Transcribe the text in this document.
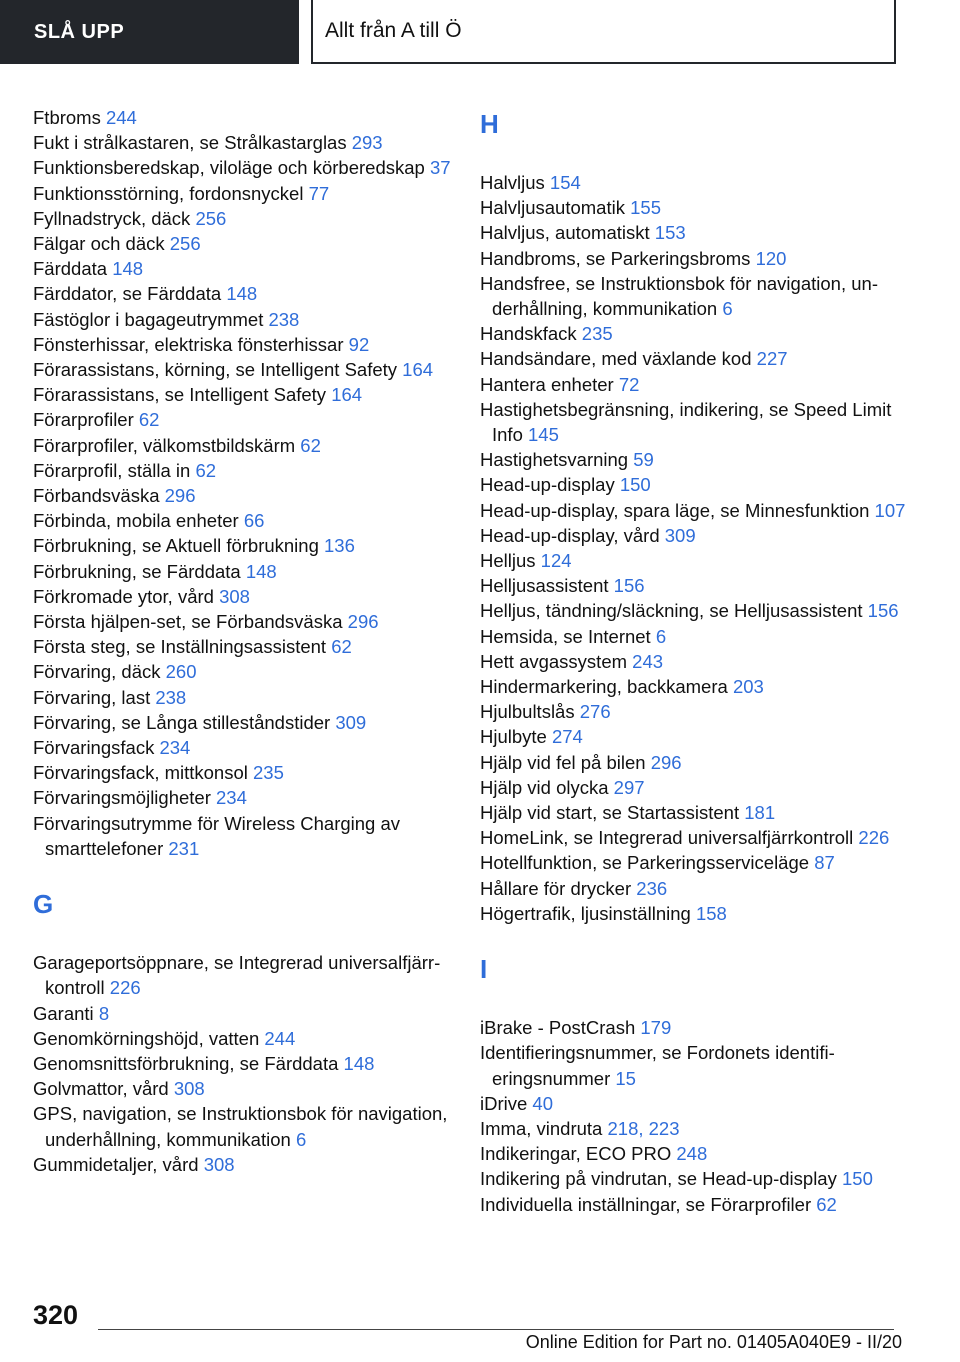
SLÅ UPP	Allt från A till Ö
Ftbroms 244
Fukt i strålkastaren, se Strålkastarglas 293
Funktionsberedskap, viloläge och körberedskap 37
Funktionsstörning, fordonsnyckel 77
Fyllnadstryck, däck 256
Fälgar och däck 256
Färddata 148
Färddator, se Färddata 148
Fästöglor i bagageutrymmet 238
Fönsterhissar, elektriska fönsterhissar 92
Förarassistans, körning, se Intelligent Safety 164
Förarassistans, se Intelligent Safety 164
Förarprofiler 62
Förarprofiler, välkomstbildskärm 62
Förarprofil, ställa in 62
Förbandsväska 296
Förbinda, mobila enheter 66
Förbrukning, se Aktuell förbrukning 136
Förbrukning, se Färddata 148
Förkromade ytor, vård 308
Första hjälpen-set, se Förbandsväska 296
Första steg, se Inställningsassistent 62
Förvaring, däck 260
Förvaring, last 238
Förvaring, se Långa stilleståndstider 309
Förvaringsfack 234
Förvaringsfack, mittkonsol 235
Förvaringsmöjligheter 234
Förvaringsutrymme för Wireless Charging av smarttelefoner 231
G
Garageportsöppnare, se Integrerad universalfjärrkontroll 226
Garanti 8
Genomkörningshöjd, vatten 244
Genomsnittsförbrukning, se Färddata 148
Golvmattor, vård 308
GPS, navigation, se Instruktionsbok för navigation, underhållning, kommunikation 6
Gummidetaljer, vård 308
H
Halvljus 154
Halvljusautomatik 155
Halvljus, automatiskt 153
Handbroms, se Parkeringsbroms 120
Handsfree, se Instruktionsbok för navigation, underhållning, kommunikation 6
Handskfack 235
Handsändare, med växlande kod 227
Hantera enheter 72
Hastighetsbegränsning, indikering, se Speed Limit Info 145
Hastighetsvarning 59
Head-up-display 150
Head-up-display, spara läge, se Minnesfunktion 107
Head-up-display, vård 309
Helljus 124
Helljusassistent 156
Helljus, tändning/släckning, se Helljusassistent 156
Hemsida, se Internet 6
Hett avgassystem 243
Hindermarkering, backkamera 203
Hjulbultslås 276
Hjulbyte 274
Hjälp vid fel på bilen 296
Hjälp vid olycka 297
Hjälp vid start, se Startassistent 181
HomeLink, se Integrerad universalfjärrkontroll 226
Hotellfunktion, se Parkeringsserviceläge 87
Hållare för drycker 236
Högertrafik, ljusinställning 158
I
iBrake - PostCrash 179
Identifieringsnummer, se Fordonets identifieringsnummer 15
iDrive 40
Imma, vindruta 218, 223
Indikeringar, ECO PRO 248
Indikering på vindrutan, se Head-up-display 150
Individuella inställningar, se Förarprofiler 62
320
Online Edition for Part no. 01405A040E9 - II/20
